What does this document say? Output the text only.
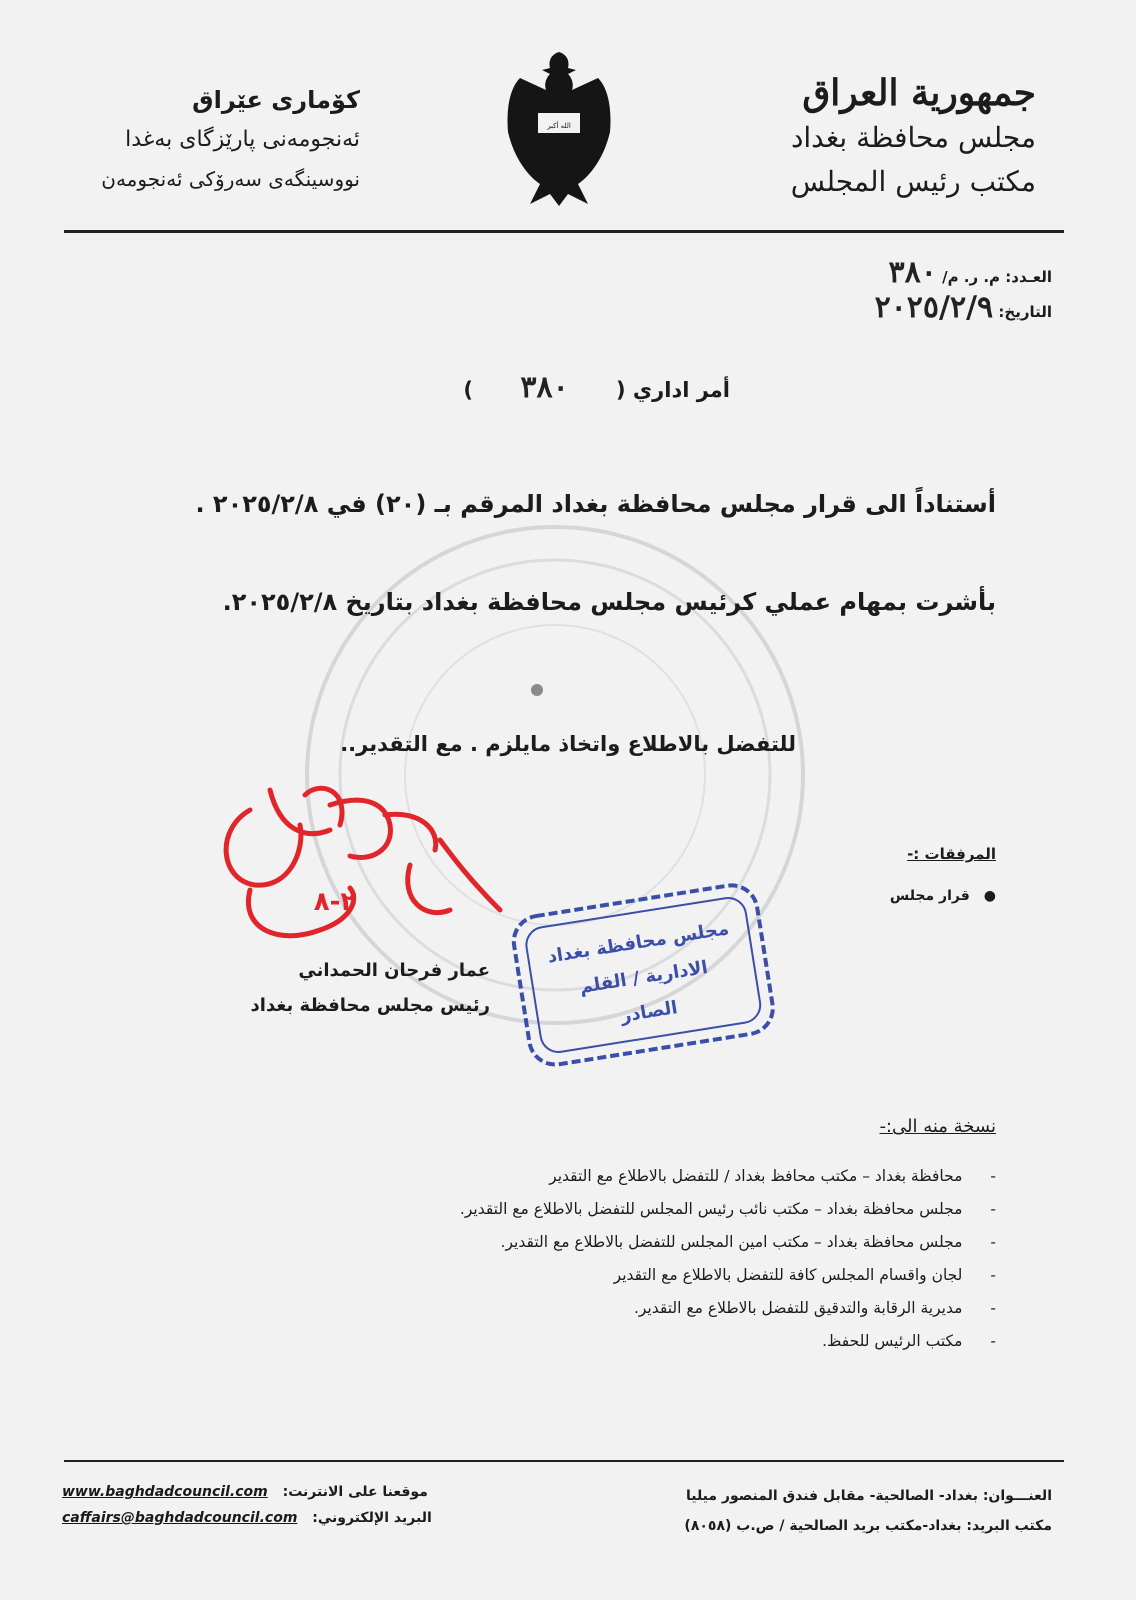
جمهورية العراق
مجلس محافظة بغداد
مكتب رئيس المجلس
الله أكبر
کۆماری عێراق
ئەنجومەنی پارێزگای بەغدا
نووسینگەی سەرۆکی ئەنجومەن
العـدد: م. ر. م/ ٣٨٠
التاريخ: ٢٠٢٥/٢/٩
أمر اداري ( ٣٨٠ )
أستناداً الى قرار مجلس محافظة بغداد المرقم بـ (٢٠) في ٢٠٢٥/٢/٨ .
بأشرت بمهام عملي كرئيس مجلس محافظة بغداد بتاريخ ٢٠٢٥/٢/٨.
للتفضل بالاطلاع واتخاذ مايلزم . مع التقدير..
المرفقات :-
●قرار مجلس
٢-٨
عمار فرحان الحمداني
رئيس مجلس محافظة بغداد
مجلس محافظة بغداد
الادارية / القلم
الصادر
نسخة منه الى:-
-محافظة بغداد – مكتب محافظ بغداد / للتفضل بالاطلاع مع التقدير
-مجلس محافظة بغداد – مكتب نائب رئيس المجلس للتفضل بالاطلاع مع التقدير.
-مجلس محافظة بغداد – مكتب امين المجلس للتفضل بالاطلاع مع التقدير.
-لجان واقسام المجلس كافة للتفضل بالاطلاع مع التقدير
-مديرية الرقابة والتدقيق للتفضل بالاطلاع مع التقدير.
-مكتب الرئيس للحفظ.
العنـــوان: بغداد- الصالحية- مقابل فندق المنصور ميليا
مكتب البريد: بغداد-مكتب بريد الصالحية / ص.ب (٨٠٥٨)
www.baghdadcouncil.com موقعنا على الانترنت:
caffairs@baghdadcouncil.com البريد الإلكتروني:
